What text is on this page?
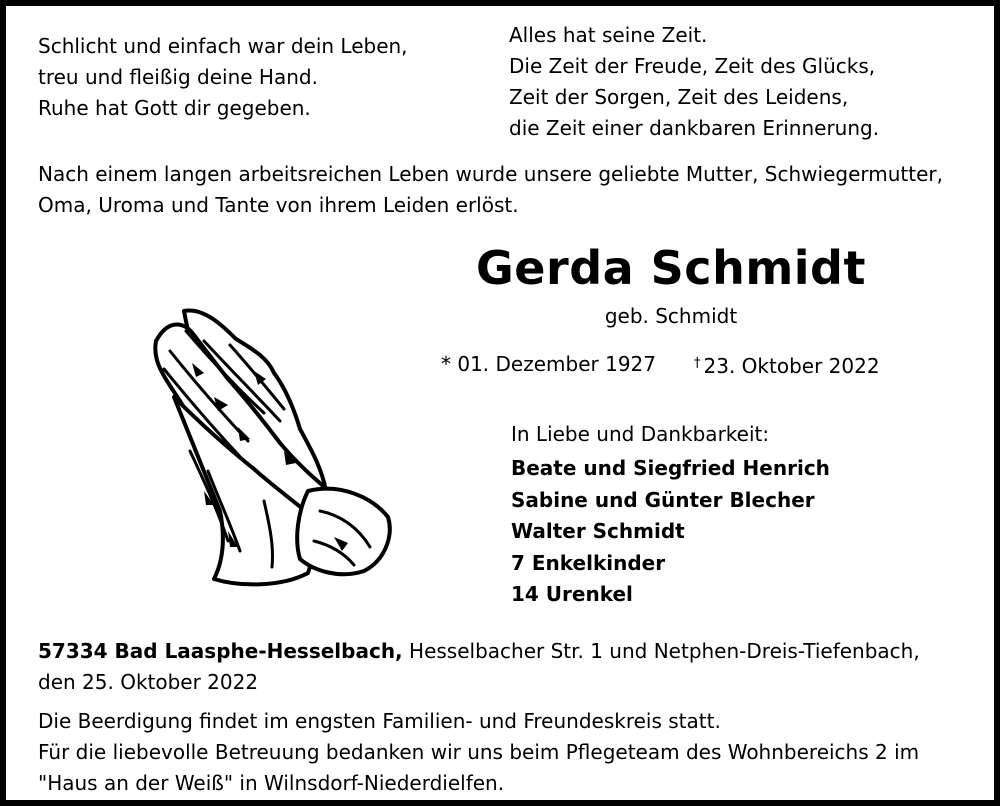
Schlicht und einfach war dein Leben,
treu und fleißig deine Hand.
Ruhe hat Gott dir gegeben.
Alles hat seine Zeit.
Die Zeit der Freude, Zeit des Glücks,
Zeit der Sorgen, Zeit des Leidens,
die Zeit einer dankbaren Erinnerung.
Nach einem langen arbeitsreichen Leben wurde unsere geliebte Mutter, Schwiegermutter,
Oma, Uroma und Tante von ihrem Leiden erlöst.
Gerda Schmidt
geb. Schmidt
* 01. Dezember 1927	† 23. Oktober 2022
In Liebe und Dankbarkeit:
Beate und Siegfried Henrich
Sabine und Günter Blecher
Walter Schmidt
7 Enkelkinder
14 Urenkel
57334 Bad Laasphe-Hesselbach, Hesselbacher Str. 1 und Netphen-Dreis-Tiefenbach,
den 25. Oktober 2022
Die Beerdigung findet im engsten Familien- und Freundeskreis statt.
Für die liebevolle Betreuung bedanken wir uns beim Pflegeteam des Wohnbereichs 2 im
"Haus an der Weiß" in Wilnsdorf-Niederdielfen.
